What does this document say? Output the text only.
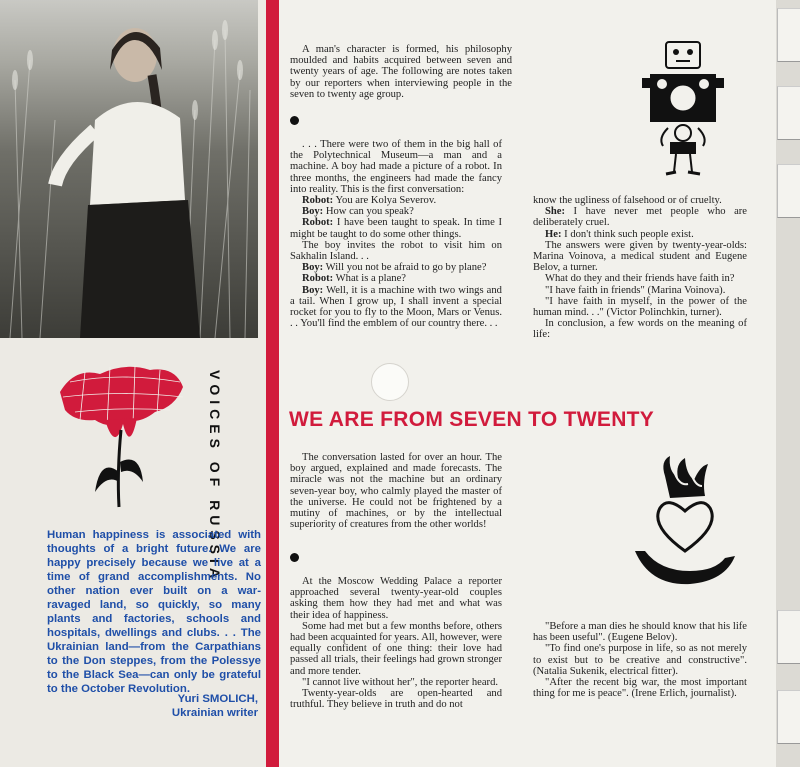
VOICES OF RUSSIA
Human happiness is associated with thoughts of a bright future. We are happy precisely because we live at a time of grand accomplishments. No other nation ever built on a war-ravaged land, so quickly, so many plants and factories, schools and hospitals, dwellings and clubs. . . The Ukrainian land—from the Carpathians to the Don steppes, from the Polessye to the Black Sea—can only be grateful to the October Revolution.
Yuri SMOLICH,
Ukrainian writer

A man's character is formed, his philosophy moulded and habits acquired between seven and twenty years of age. The following are notes taken by our reporters when interviewing people in the seven to twenty age group.

. . . There were two of them in the big hall of the Polytechnical Museum—a man and a machine. A boy had made a picture of a robot. In three months, the engineers had made the fancy into reality. This is the first conversation:

Robot: You are Kolya Severov.

Boy: How can you speak?

Robot: I have been taught to speak. In time I might be taught to do some other things.

The boy invites the robot to visit him on Sakhalin Island. . .

Boy: Will you not be afraid to go by plane?

Robot: What is a plane?

Boy: Well, it is a machine with two wings and a tail. When I grow up, I shall invent a special rocket for you to fly to the Moon, Mars or Venus. . . You'll find the emblem of our country there. . .

know the ugliness of falsehood or of cruelty.

She: I have never met people who are deliberately cruel.

He: I don't think such people exist.

The answers were given by twenty-year-olds: Marina Voinova, a medical student and Eugene Belov, a turner.

What do they and their friends have faith in?

"I have faith in friends" (Marina Voinova).

"I have faith in myself, in the power of the human mind. . ." (Victor Polinchkin, turner).

In conclusion, a few words on the meaning of life:

WE ARE FROM SEVEN TO TWENTY

The conversation lasted for over an hour. The boy argued, explained and made forecasts. The miracle was not the machine but an ordinary seven-year boy, who calmly played the master of the universe. He could not be frightened by a mutiny of machines, or by the intellectual superiority of creatures from the other worlds!

At the Moscow Wedding Palace a reporter approached several twenty-year-old couples asking them how they had met and what was their idea of happiness.

Some had met but a few months before, others had been acquainted for years. All, however, were equally confident of one thing: their love had passed all trials, their feelings had grown stronger and more tender.

"I cannot live without her", the reporter heard.

Twenty-year-olds are open-hearted and truthful. They believe in truth and do not

"Before a man dies he should know that his life has been useful". (Eugene Belov).

"To find one's purpose in life, so as not merely to exist but to be creative and constructive". (Natalia Sukenik, electrical fitter).

"After the recent big war, the most important thing for me is peace". (Irene Erlich, journalist).
